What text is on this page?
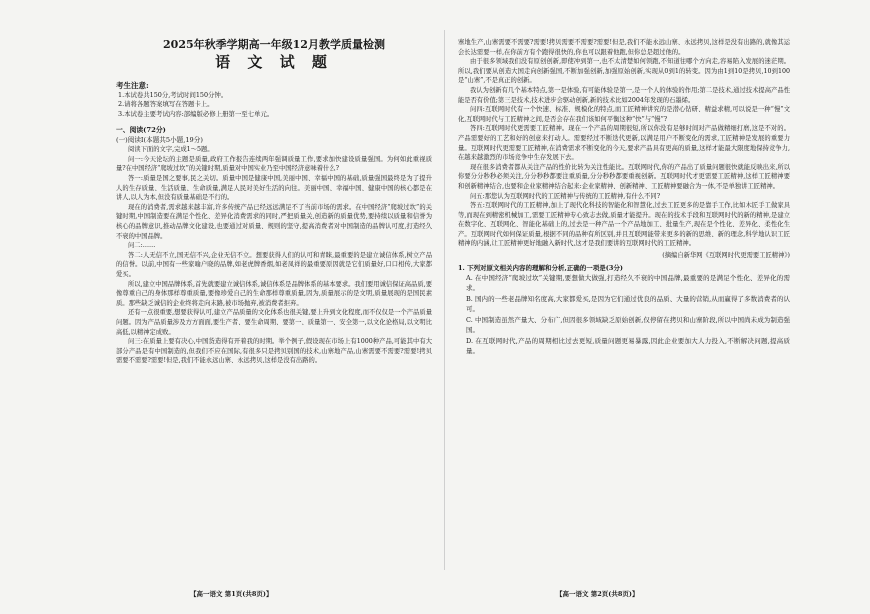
2025年秋季学期高一年级12月教学质量检测

语 文 试 题

考生注意:

1.本试卷共150分,考试时间150分钟。

2.请将各题答案填写在答题卡上。

3.本试卷主要考试内容:部编版必修上册第一至七单元。

一、阅读(72分)

(一)阅读Ⅰ(本题共5小题,19分)

阅读下面的文字,完成1～5题。

问一:今天论坛的主题是质量,政府工作报告连续两年强调质量工作,要求加快建设质量强国。为何如此重视质量?在中国经济“爬坡过坎”的关键时期,质量对中国实业乃至中国经济意味着什么?

答一:质量是国之要事,民之关切。质量中国是健康中国,美丽中国、幸福中国的基础,质量强国最终是为了提升人的生存质量、生活质量、生命质量,满足人民对美好生活的向往。美丽中国、幸福中国、健康中国的核心都是在讲人,以人为本,但没有质量基础是不行的。

现在的消费者,需求越来越丰富,许多传统产品已经远远满足不了当前市场的需求。在中国经济“爬坡过坎”的关键时期,中国制造要在满足个性化、差异化消费需求的同时,严把质量关,创造新的质量优势,要持续以质量和信誉为核心的品牌意识,推动品牌文化建设,也要通过对质量、规则的坚守,提高消费者对中国制造的品牌认可度,打造经久不衰的中国品牌。

问二:……

答二:人无信不立,国无信不兴,企业无信不立。想要获得人们的认可和青睐,最重要的是建立诚信体系,树立产品的信誉。以前,中国有一些家喻户晓的品牌,如老虎牌香烟,如老凤祥的最重要原因就是它们质量好,口口相传,大家都爱买。

所以,建立中国品牌体系,首先就要建立诚信体系,诚信体系是品牌体系的基本要求。我们要用诚信保证高品质,要像尊重自己的身体那样尊重质量,要像珍爱自己的生命那样尊重质量,因为,质量展示的是文明,质量展现的是国民素质。那些缺乏诚信的企业终将走向末路,被市场抛弃,被消费者拒弃。

还有一点很重要,想要获得认可,建立产品质量的文化体系也很关键,要上升到文化程度,而不仅仅是一个产品质量问题。因为产品质量涉及方方面面,要生产者、要生命周期、要第一、质量第一、安全第一,以文化论格局,以文明比高低,以精神定成败。

问三:在质量上要有决心,中国货造得有开着我的时期。举个例子,假设现在市场上有1000种产品,可能其中有大部分产品是有中国制造的,但我们不应在国际,有很多只是拷贝别国的技术,山寨地产品,山寨需要不需要?需要!拷贝需要不需要?需要!但是,我们不能永远山寨、永远拷贝,这样是没有出路的。

【高一语文 第1页(共8页)】

寨地生产,山寨需要不需要?需要!拷贝需要不需要?需要!但是,我们不能永远山寨、永远拷贝,这样是没有出路的,就像其运会长达需要一样,在你前方有个跑得很快的,你也可以跟着他跑,但你总是超过他的。

由于很多领域我们没有原创创新,即使冲到第一,也不太清楚如何领跑,不知道往哪个方向走,容易陷入发展的迷茫期。所以,我们要从创造大国走向创新强国,不断加强创新,加强原始创新,实现从0到1的转变。因为由1到10是拷贝,10到100是“山寨”,不是真正的创新。

我认为创新有几个基本特点,第一是体验,有可能体验是第一,是一个人的体验的作用;第二是技术,通过技术提高产品性能是否有价值;第三是技术,技术进步会驱动创新,新的技术比如2004年发现的石墨烯。

问四:互联网时代有一个快速、标准、规模化的特点,而工匠精神讲究的是潜心钻研、精益求精,可以说是一种“慢”文化,互联网时代与工匠精神之间,是否会存在我们该如何平衡这种“快”与“慢”?

答四:互联网时代更需要工匠精神。现在一个产品的周期很短,所以你没有足够时间对产品做精细打磨,这是不对的。产品需要好的工艺和好的创意来打动人。需要经过不断迭代更新,以满足用户不断变化的需求,工匠精神是发展的重要力量。互联网时代更需要工匠精神,在消费需求不断变化的今天,要求产品具有更高的质量,这样才能最大限度地保持竞争力,在越来越激烈的市场竞争中生存发展下去。

现在很多消费者都从关注产品的性价比转为关注性能比。互联网时代,你的产品出了质量问题很快就能反映出来,所以你要分分秒秒必须关注,分分秒秒都要注重质量,分分秒秒都要重视创新。互联网时代才更需要工匠精神,这样工匠精神要和创新精神结合,也要和企业家精神结合起来:企业家精神、创新精神、工匠精神要融合为一体,不是单独讲工匠精神。

问五:那您认为互联网时代的工匠精神与传统的工匠精神,有什么不同?

答五:互联网时代的工匠精神,加上了现代化科技的智能化和智慧化,过去工匠更多的是靠手工作,比如木匠手工做家具等,而现在到精密机械加工,需要工匠精神专心致志去做,质量才能提升。现在的技术手段和互联网时代的新的精神,是建立在数字化、互联网化、智能化基础上的,过去是一种产品一个产品地加工、批量生产,现在是个性化、差异化、柔性化生产。互联网时代如何保证质量,根据不同的品种有所区别,并且互联网能带来更多的新的思维、新的理念,科学地认识工匠精神的内涵,让工匠精神更好地融入新时代,这才是我们要讲的互联网时代的工匠精神。

(摘编自新华网《互联网时代更需要工匠精神》)

1. 下列对原文相关内容的理解和分析,正确的一项是(3分)

A. 在中国经济“爬坡过坎”关键期,要想做大做强,打造经久不衰的中国品牌,最重要的是满足个性化、差异化的需求。

B. 国内的一些老品牌知名度高,大家都爱买,是因为它们通过优良的品质、大量的营销,从而赢得了多数消费者的认可。

C. 中国制造虽然产量大、分布广,但因很多领域缺乏原始创新,仅停留在拷贝和山寨阶段,所以中国尚未成为制造强国。

D. 在互联网时代,产品的周期相比过去更短,质量问题更易暴露,因此企业要加大人力投入,不断解决问题,提高质量。

【高一语文 第2页(共8页)】
